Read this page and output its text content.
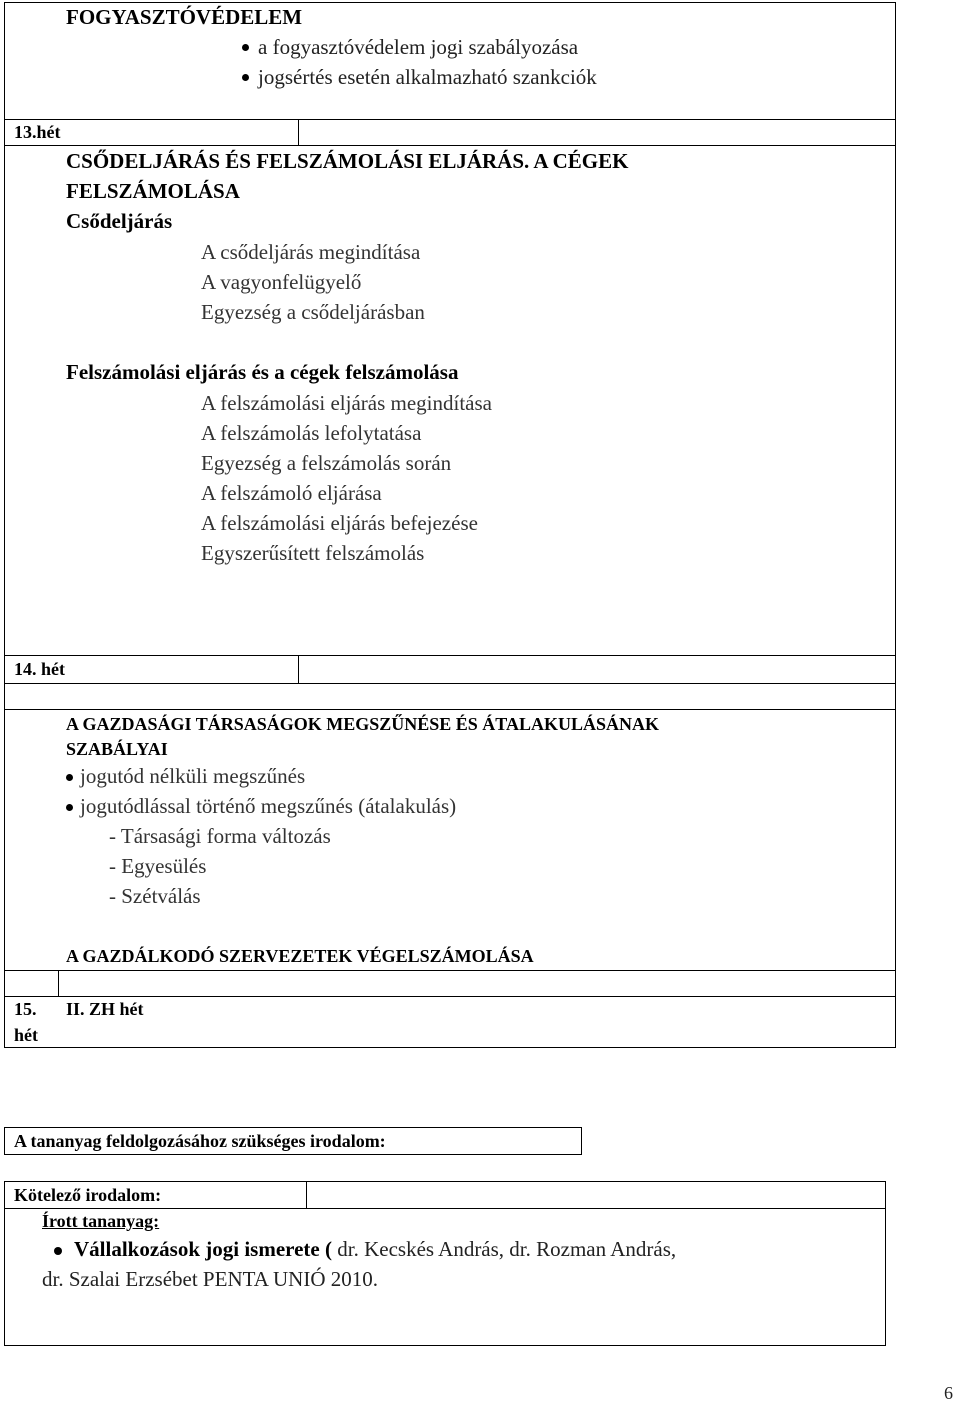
FOGYASZTÓVÉDELEM
a fogyasztóvédelem jogi szabályozása
jogsértés esetén alkalmazható szankciók
13.hét
CSŐDELJÁRÁS ÉS FELSZÁMOLÁSI ELJÁRÁS. A CÉGEK
FELSZÁMOLÁSA
Csődeljárás
A csődeljárás megindítása
A vagyonfelügyelő
Egyezség a csődeljárásban
Felszámolási eljárás és a cégek felszámolása
A felszámolási eljárás megindítása
A felszámolás lefolytatása
Egyezség a felszámolás során
A felszámoló eljárása
A felszámolási eljárás befejezése
Egyszerűsített felszámolás
14. hét
A GAZDASÁGI TÁRSASÁGOK MEGSZŰNÉSE ÉS ÁTALAKULÁSÁNAK
SZABÁLYAI
jogutód nélküli megszűnés
jogutódlással történő megszűnés (átalakulás)
- Társasági forma változás
- Egyesülés
- Szétválás
A GAZDÁLKODÓ SZERVEZETEK VÉGELSZÁMOLÁSA
15.
hét
II. ZH hét
A tananyag feldolgozásához szükséges irodalom:
Kötelező irodalom:
Írott tananyag:
Vállalkozások jogi ismerete ( dr. Kecskés András, dr. Rozman András,
dr. Szalai Erzsébet PENTA UNIÓ 2010.
6
